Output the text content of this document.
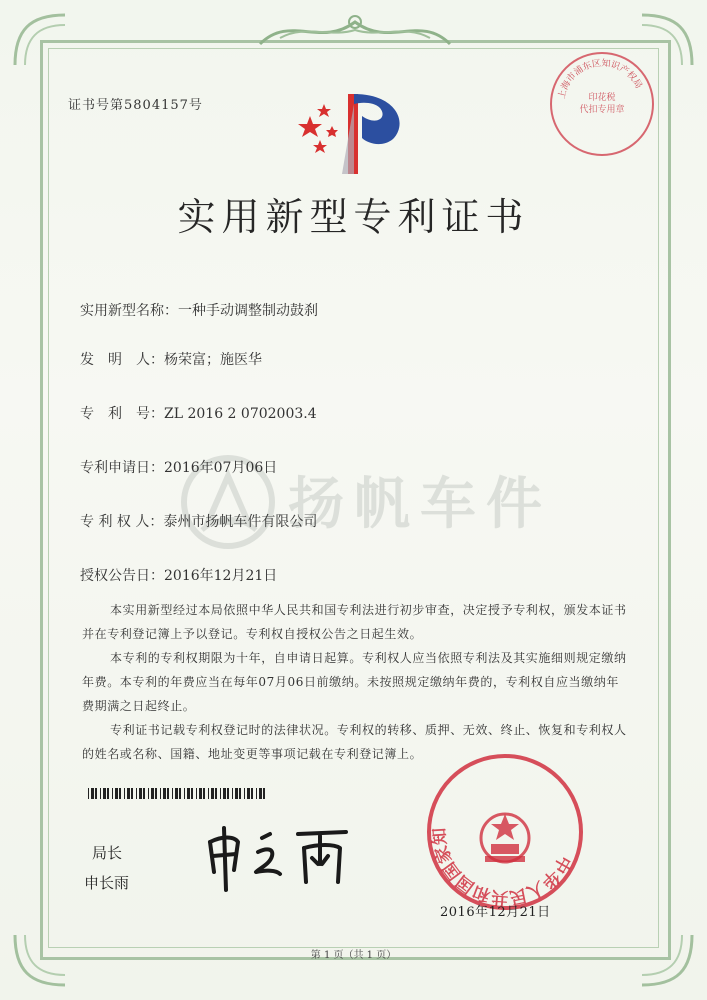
证书号第5804157号
上海市浦东区知识产权局
印花税
代扣专用章
实用新型专利证书
扬帆车件
实用新型名称：一种手动调整制动鼓刹
发　明　人：杨荣富；施医华
专　利　号：ZL 2016 2 0702003.4
专利申请日：2016年07月06日
专 利 权 人：泰州市扬帆车件有限公司
授权公告日：2016年12月21日
本实用新型经过本局依照中华人民共和国专利法进行初步审查，决定授予专利权，颁发本证书并在专利登记簿上予以登记。专利权自授权公告之日起生效。
本专利的专利权期限为十年，自申请日起算。专利权人应当依照专利法及其实施细则规定缴纳年费。本专利的年费应当在每年07月06日前缴纳。未按照规定缴纳年费的，专利权自应当缴纳年费期满之日起终止。
专利证书记载专利权登记时的法律状况。专利权的转移、质押、无效、终止、恢复和专利权人的姓名或名称、国籍、地址变更等事项记载在专利登记簿上。
局长
申长雨
中华人民共和国国家知
2016年12月21日
第 1 页（共 1 页）
